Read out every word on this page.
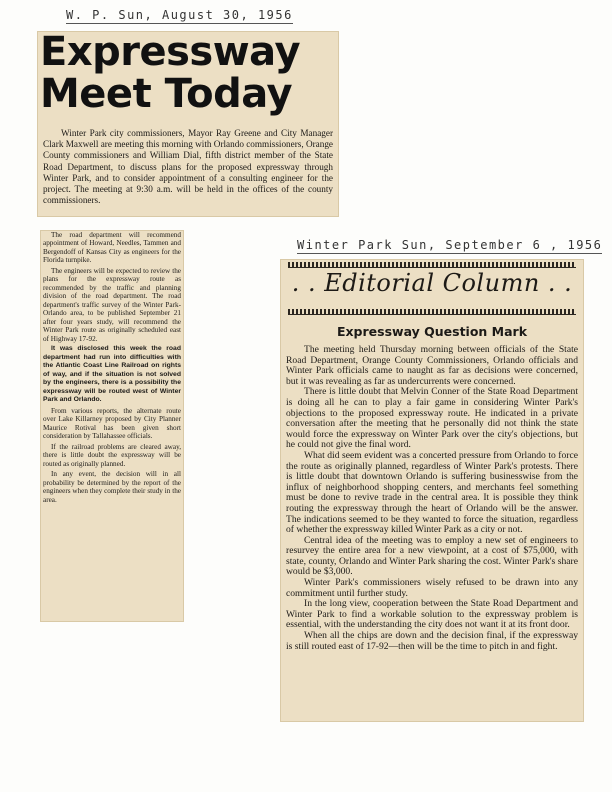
W. P. Sun, August 30, 1956
Expressway
Meet Today
Winter Park city commissioners, Mayor Ray Greene and City Manager Clark Maxwell are meeting this morning with Orlando commissioners, Orange County commissioners and William Dial, fifth district member of the State Road Department, to discuss plans for the proposed expressway through Winter Park, and to consider appointment of a consulting engineer for the project. The meeting at 9:30 a.m. will be held in the offices of the county commissioners.

The road department will recommend appointment of Howard, Needles, Tammen and Bergendoff of Kansas City as engineers for the Florida turnpike.

The engineers will be expected to review the plans for the expressway route as recommended by the traffic and planning division of the road department. The road department's traffic survey of the Winter Park-Orlando area, to be published September 21 after four years study, will recommend the Winter Park route as originally scheduled east of Highway 17-92.

It was disclosed this week the road department had run into difficulties with the Atlantic Coast Line Railroad on rights of way, and if the situation is not solved by the engineers, there is a possibility the expressway will be routed west of Winter Park and Orlando.

From various reports, the alternate route over Lake Killarney proposed by City Planner Maurice Rotival has been given short consideration by Tallahassee officials.

If the railroad problems are cleared away, there is little doubt the expressway will be routed as originally planned.

In any event, the decision will in all probability be determined by the report of the engineers when they complete their study in the area.

Winter Park Sun, September 6 , 1956
. . Editorial Column . .
Expressway Question Mark

The meeting held Thursday morning between officials of the State Road Department, Orange County Commissioners, Orlando officials and Winter Park officials came to naught as far as decisions were concerned, but it was revealing as far as undercurrents were concerned.

There is little doubt that Melvin Conner of the State Road Department is doing all he can to play a fair game in considering Winter Park's objections to the proposed expressway route. He indicated in a private conversation after the meeting that he personally did not think the state would force the expressway on Winter Park over the city's objections, but he could not give the final word.

What did seem evident was a concerted pressure from Orlando to force the route as originally planned, regardless of Winter Park's protests. There is little doubt that downtown Orlando is suffering businesswise from the influx of neighborhood shopping centers, and merchants feel something must be done to revive trade in the central area. It is possible they think routing the expressway through the heart of Orlando will be the answer. The indications seemed to be they wanted to force the situation, regardless of whether the expressway killed Winter Park as a city or not.

Central idea of the meeting was to employ a new set of engineers to resurvey the entire area for a new viewpoint, at a cost of $75,000, with state, county, Orlando and Winter Park sharing the cost. Winter Park's share would be $3,000.

Winter Park's commissioners wisely refused to be drawn into any commitment until further study.

In the long view, cooperation between the State Road Department and Winter Park to find a workable solution to the expressway problem is essential, with the understanding the city does not want it at its front door.

When all the chips are down and the decision final, if the expressway is still routed east of 17-92—then will be the time to pitch in and fight.
